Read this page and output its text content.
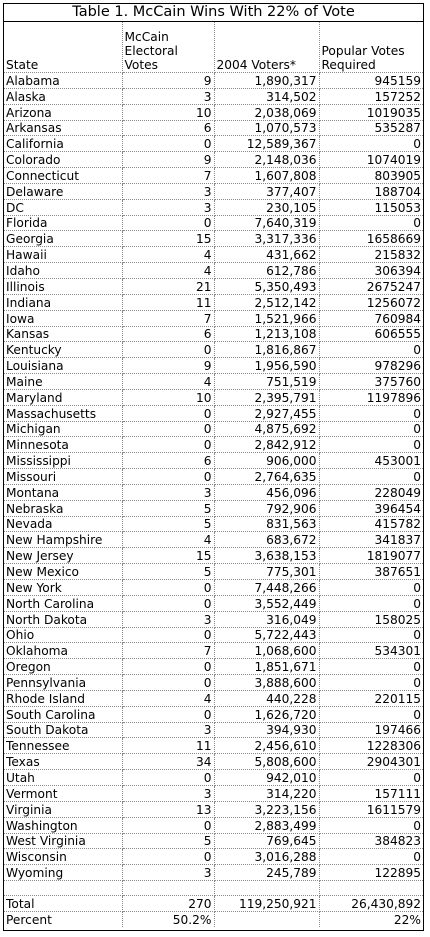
Table 1. McCain Wins With 22% of Vote
State	McCain Electoral Votes	2004 Voters*	Popular Votes Required
Alabama	9	1,890,317	945159
Alaska	3	314,502	157252
Arizona	10	2,038,069	1019035
Arkansas	6	1,070,573	535287
California	0	12,589,367	0
Colorado	9	2,148,036	1074019
Connecticut	7	1,607,808	803905
Delaware	3	377,407	188704
DC	3	230,105	115053
Florida	0	7,640,319	0
Georgia	15	3,317,336	1658669
Hawaii	4	431,662	215832
Idaho	4	612,786	306394
Illinois	21	5,350,493	2675247
Indiana	11	2,512,142	1256072
Iowa	7	1,521,966	760984
Kansas	6	1,213,108	606555
Kentucky	0	1,816,867	0
Louisiana	9	1,956,590	978296
Maine	4	751,519	375760
Maryland	10	2,395,791	1197896
Massachusetts	0	2,927,455	0
Michigan	0	4,875,692	0
Minnesota	0	2,842,912	0
Mississippi	6	906,000	453001
Missouri	0	2,764,635	0
Montana	3	456,096	228049
Nebraska	5	792,906	396454
Nevada	5	831,563	415782
New Hampshire	4	683,672	341837
New Jersey	15	3,638,153	1819077
New Mexico	5	775,301	387651
New York	0	7,448,266	0
North Carolina	0	3,552,449	0
North Dakota	3	316,049	158025
Ohio	0	5,722,443	0
Oklahoma	7	1,068,600	534301
Oregon	0	1,851,671	0
Pennsylvania	0	3,888,600	0
Rhode Island	4	440,228	220115
South Carolina	0	1,626,720	0
South Dakota	3	394,930	197466
Tennessee	11	2,456,610	1228306
Texas	34	5,808,600	2904301
Utah	0	942,010	0
Vermont	3	314,220	157111
Virginia	13	3,223,156	1611579
Washington	0	2,883,499	0
West Virginia	5	769,645	384823
Wisconsin	0	3,016,288	0
Wyoming	3	245,789	122895

Total	270	119,250,921	26,430,892
Percent	50.2%		22%
